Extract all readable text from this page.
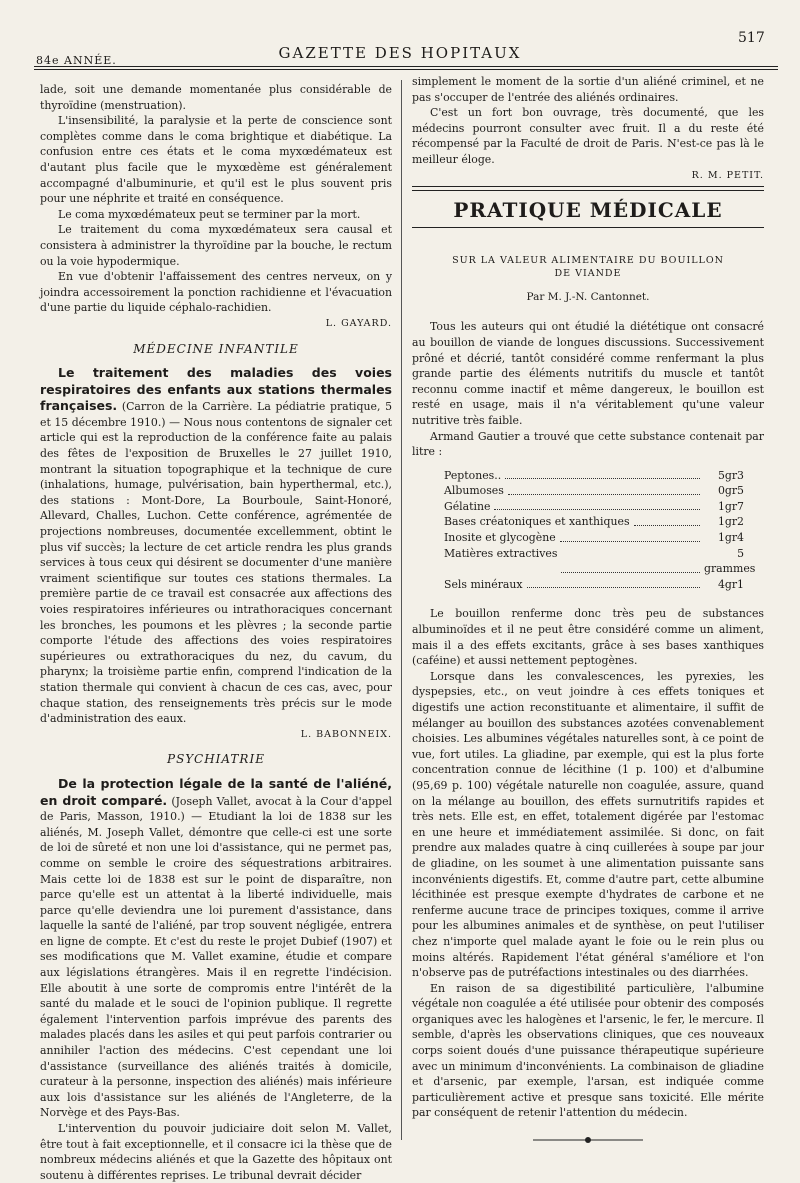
84e ANNÉE.	GAZETTE DES HOPITAUX
517

lade, soit une demande momentanée plus considérable de thyroïdine (menstruation).

L'insensibilité, la paralysie et la perte de conscience sont complètes comme dans le coma brightique et diabétique. La confusion entre ces états et le coma myxœdémateux est d'autant plus facile que le myxœdème est généralement accompagné d'albuminurie, et qu'il est le plus souvent pris pour une néphrite et traité en conséquence.

Le coma myxœdémateux peut se terminer par la mort.

Le traitement du coma myxœdémateux sera causal et consistera à administrer la thyroïdine par la bouche, le rectum ou la voie hypodermique.

En vue d'obtenir l'affaissement des centres nerveux, on y joindra accessoirement la ponction rachidienne et l'évacuation d'une partie du liquide céphalo-rachidien.

L. GAYARD.

MÉDECINE INFANTILE

Le traitement des maladies des voies respiratoires des enfants aux stations thermales françaises. (Carron de la Carrière. La pédiatrie pratique, 5 et 15 décembre 1910.) — Nous nous contentons de signaler cet article qui est la reproduction de la conférence faite au palais des fêtes de l'exposition de Bruxelles le 27 juillet 1910, montrant la situation topographique et la technique de cure (inhalations, humage, pulvérisation, bain hyperthermal, etc.), des stations : Mont-Dore, La Bourboule, Saint-Honoré, Allevard, Challes, Luchon. Cette conférence, agrémentée de projections nombreuses, documentée excellemment, obtint le plus vif succès; la lecture de cet article rendra les plus grands services à tous ceux qui désirent se documenter d'une manière vraiment scientifique sur toutes ces stations thermales. La première partie de ce travail est consacrée aux affections des voies respiratoires inférieures ou intrathoraciques concernant les bronches, les poumons et les plèvres ; la seconde partie comporte l'étude des affections des voies respiratoires supérieures ou extrathoraciques du nez, du cavum, du pharynx; la troisième partie enfin, comprend l'indication de la station thermale qui convient à chacun de ces cas, avec, pour chaque station, des renseignements très précis sur le mode d'administration des eaux.

L. BABONNEIX.

PSYCHIATRIE

De la protection légale de la santé de l'aliéné, en droit comparé. (Joseph Vallet, avocat à la Cour d'appel de Paris, Masson, 1910.) — Etudiant la loi de 1838 sur les aliénés, M. Joseph Vallet, démontre que celle-ci est une sorte de loi de sûreté et non une loi d'assistance, qui ne permet pas, comme on semble le croire des séquestrations arbitraires. Mais cette loi de 1838 est sur le point de disparaître, non parce qu'elle est un attentat à la liberté individuelle, mais parce qu'elle deviendra une loi purement d'assistance, dans laquelle la santé de l'aliéné, par trop souvent négligée, entrera en ligne de compte. Et c'est du reste le projet Dubief (1907) et ses modifications que M. Vallet examine, étudie et compare aux législations étrangères. Mais il en regrette l'indécision. Elle aboutit à une sorte de compromis entre l'intérêt de la santé du malade et le souci de l'opinion publique. Il regrette également l'intervention parfois imprévue des parents des malades placés dans les asiles et qui peut parfois contrarier ou annihiler l'action des médecins. C'est cependant une loi d'assistance (surveillance des aliénés traités à domicile, curateur à la personne, inspection des aliénés) mais inférieure aux lois d'assistance sur les aliénés de l'Angleterre, de la Norvège et des Pays-Bas.

L'intervention du pouvoir judiciaire doit selon M. Vallet, être tout à fait exceptionnelle, et il consacre ici la thèse que de nombreux médecins aliénés et que la Gazette des hôpitaux ont soutenu à différentes reprises. Le tribunal devrait décider

simplement le moment de la sortie d'un aliéné criminel, et ne pas s'occuper de l'entrée des aliénés ordinaires.

C'est un fort bon ouvrage, très documenté, que les médecins pourront consulter avec fruit. Il a du reste été récompensé par la Faculté de droit de Paris. N'est-ce pas là le meilleur éloge.

R. M. PETIT.

PRATIQUE MÉDICALE
SUR LA VALEUR ALIMENTAIRE DU BOUILLON
DE VIANDE
Par M. J.-N. Cantonnet.

Tous les auteurs qui ont étudié la diététique ont consacré au bouillon de viande de longues discussions. Successivement prôné et décrié, tantôt considéré comme renfermant la plus grande partie des éléments nutritifs du muscle et tantôt reconnu comme inactif et même dangereux, le bouillon est resté en usage, mais il n'a véritablement qu'une valeur nutritive très faible.

Armand Gautier a trouvé que cette substance contenait par litre :

Peptones..	5gr3
Albumoses	0gr5
Gélatine	1gr7
Bases créatoniques et xanthiques	1gr2
Inosite et glycogène	1gr4
Matières extractives	5 grammes
Sels minéraux	4gr1

Le bouillon renferme donc très peu de substances albuminoïdes et il ne peut être considéré comme un aliment, mais il a des effets excitants, grâce à ses bases xanthiques (caféine) et aussi nettement peptogènes.

Lorsque dans les convalescences, les pyrexies, les dyspepsies, etc., on veut joindre à ces effets toniques et digestifs une action reconstituante et alimentaire, il suffit de mélanger au bouillon des substances azotées convenablement choisies. Les albumines végétales naturelles sont, à ce point de vue, fort utiles. La gliadine, par exemple, qui est la plus forte concentration connue de lécithine (1 p. 100) et d'albumine (95,69 p. 100) végétale naturelle non coagulée, assure, quand on la mélange au bouillon, des effets surnutritifs rapides et très nets. Elle est, en effet, totalement digérée par l'estomac en une heure et immédiatement assimilée. Si donc, on fait prendre aux malades quatre à cinq cuillerées à soupe par jour de gliadine, on les soumet à une alimentation puissante sans inconvénients digestifs. Et, comme d'autre part, cette albumine lécithinée est presque exempte d'hydrates de carbone et ne renferme aucune trace de principes toxiques, comme il arrive pour les albumines animales et de synthèse, on peut l'utiliser chez n'importe quel malade ayant le foie ou le rein plus ou moins altérés. Rapidement l'état général s'améliore et l'on n'observe pas de putréfactions intestinales ou des diarrhées.

En raison de sa digestibilité particulière, l'albumine végétale non coagulée a été utilisée pour obtenir des composés organiques avec les halogènes et l'arsenic, le fer, le mercure. Il semble, d'après les observations cliniques, que ces nouveaux corps soient doués d'une puissance thérapeutique supérieure avec un minimum d'inconvénients. La combinaison de gliadine et d'arsenic, par exemple, l'arsan, est indiquée comme particulièrement active et presque sans toxicité. Elle mérite par conséquent de retenir l'attention du médecin.
